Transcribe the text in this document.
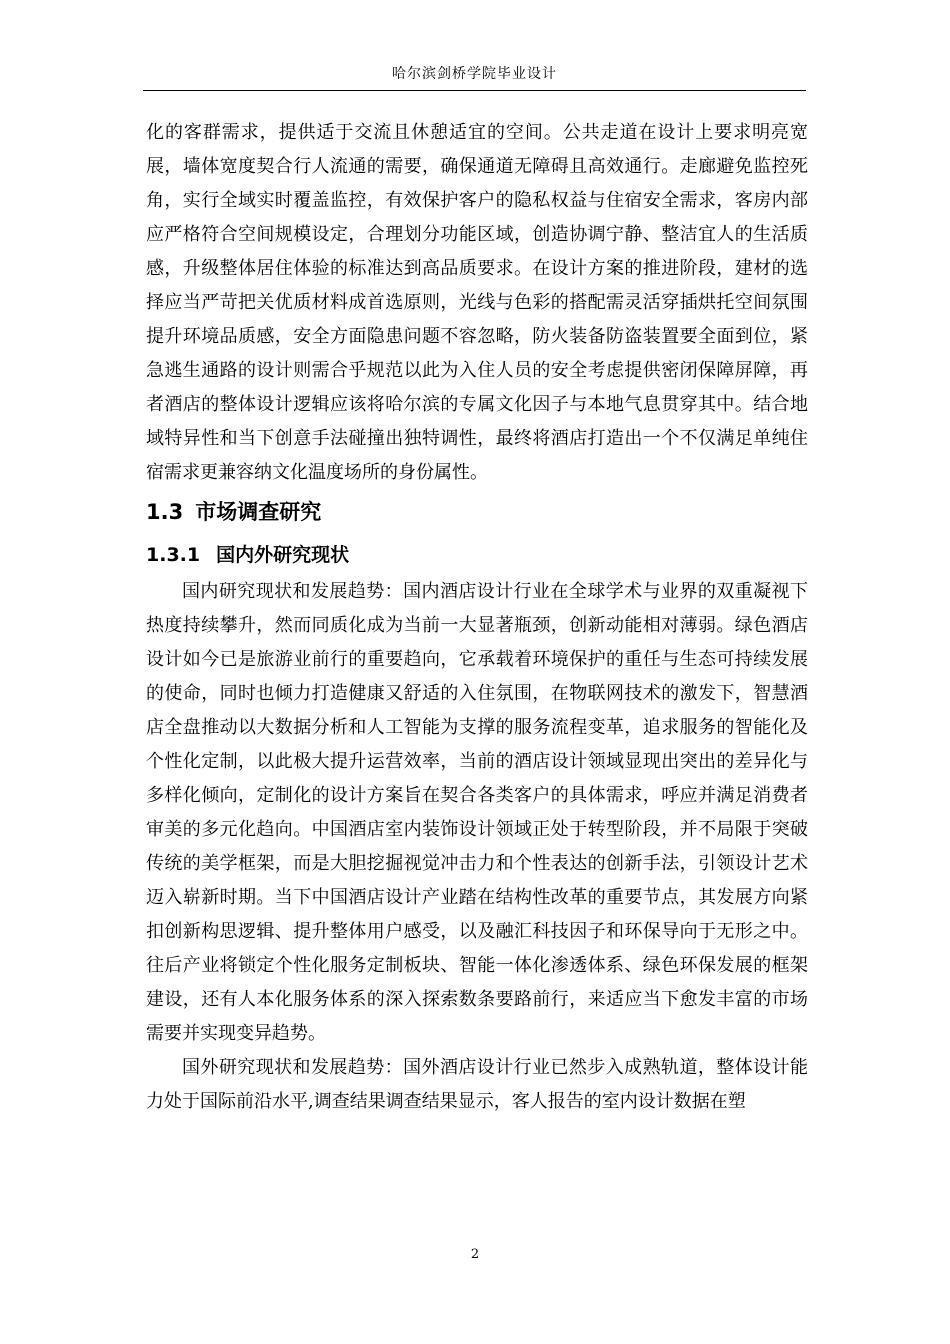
哈尔滨剑桥学院毕业设计

化的客群需求，提供适于交流且休憩适宜的空间。公共走道在设计上要求明亮宽展，墙体宽度契合行人流通的需要，确保通道无障碍且高效通行。走廊避免监控死角，实行全域实时覆盖监控，有效保护客户的隐私权益与住宿安全需求，客房内部应严格符合空间规模设定，合理划分功能区域，创造协调宁静、整洁宜人的生活质感，升级整体居住体验的标准达到高品质要求。在设计方案的推进阶段，建材的选择应当严苛把关优质材料成首选原则，光线与色彩的搭配需灵活穿插烘托空间氛围提升环境品质感，安全方面隐患问题不容忽略，防火装备防盗装置要全面到位，紧急逃生通路的设计则需合乎规范以此为入住人员的安全考虑提供密闭保障屏障，再者酒店的整体设计逻辑应该将哈尔滨的专属文化因子与本地气息贯穿其中。结合地域特异性和当下创意手法碰撞出独特调性，最终将酒店打造出一个不仅满足单纯住宿需求更兼容纳文化温度场所的身份属性。

1.3 市场调查研究
1.3.1 国内外研究现状

国内研究现状和发展趋势：国内酒店设计行业在全球学术与业界的双重凝视下热度持续攀升，然而同质化成为当前一大显著瓶颈，创新动能相对薄弱。绿色酒店设计如今已是旅游业前行的重要趋向，它承载着环境保护的重任与生态可持续发展的使命，同时也倾力打造健康又舒适的入住氛围，在物联网技术的激发下，智慧酒店全盘推动以大数据分析和人工智能为支撑的服务流程变革，追求服务的智能化及个性化定制，以此极大提升运营效率，当前的酒店设计领域显现出突出的差异化与多样化倾向，定制化的设计方案旨在契合各类客户的具体需求，呼应并满足消费者审美的多元化趋向。中国酒店室内装饰设计领域正处于转型阶段，并不局限于突破传统的美学框架，而是大胆挖掘视觉冲击力和个性表达的创新手法，引领设计艺术迈入崭新时期。当下中国酒店设计产业踏在结构性改革的重要节点，其发展方向紧扣创新构思逻辑、提升整体用户感受，以及融汇科技因子和环保导向于无形之中。往后产业将锁定个性化服务定制板块、智能一体化渗透体系、绿色环保发展的框架建设，还有人本化服务体系的深入探索数条要路前行，来适应当下愈发丰富的市场需要并实现变异趋势。

国外研究现状和发展趋势：国外酒店设计行业已然步入成熟轨道，整体设计能力处于国际前沿水平,调查结果调查结果显示，客人报告的室内设计数据在塑

2
